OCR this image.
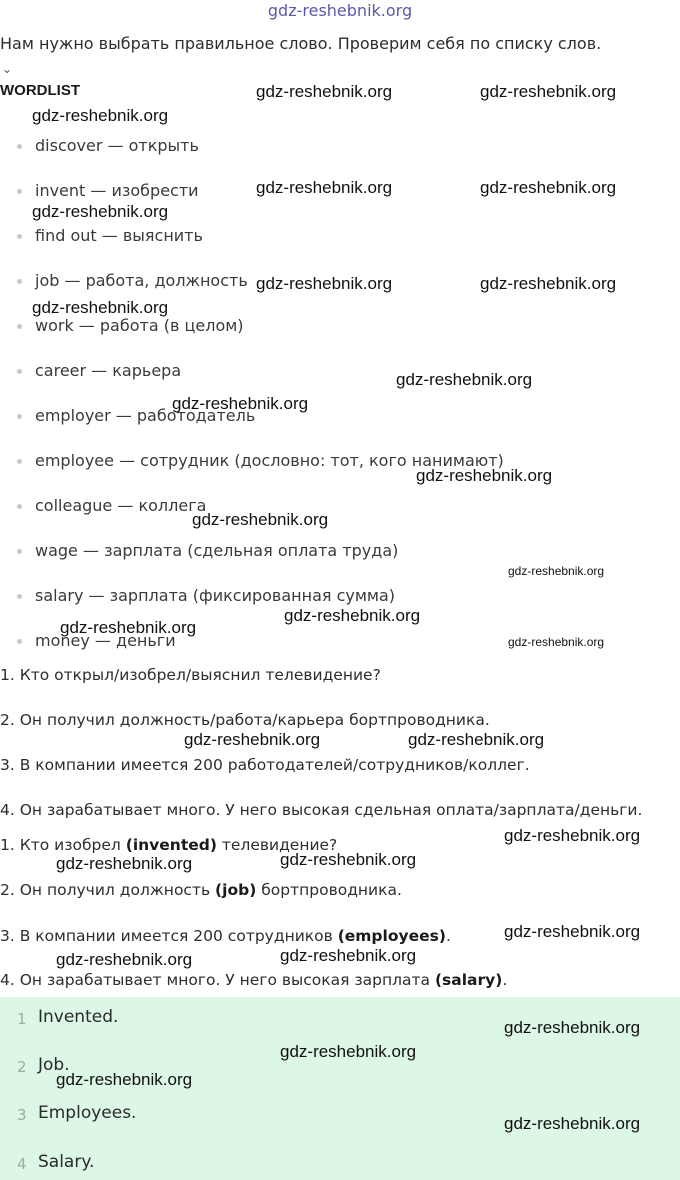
gdz-reshebnik.org
Нам нужно выбрать правильное слово. Проверим себя по списку слов.
⌄
WORDLIST
discover — открыть
invent — изобрести
find out — выяснить
job — работа, должность
work — работа (в целом)
career — карьера
employer — работодатель
employee — сотрудник (дословно: тот, кого нанимают)
colleague — коллега
wage — зарплата (сдельная оплата труда)
salary — зарплата (фиксированная сумма)
money — деньги
1. Кто открыл/изобрел/выяснил телевидение?
2. Он получил должность/работа/карьера бортпроводника.
3. В компании имеется 200 работодателей/сотрудников/коллег.
4. Он зарабатывает много. У него высокая сдельная оплата/зарплата/деньги.
1. Кто изобрел (invented) телевидение?
2. Он получил должность (job) бортпроводника.
3. В компании имеется 200 сотрудников (employees).
4. Он зарабатывает много. У него высокая зарплата (salary).
1 Invented.
2 Job.
3 Employees.
4 Salary.
gdz-reshebnik.org	gdz-reshebnik.org
gdz-reshebnik.org
gdz-reshebnik.org	gdz-reshebnik.org
gdz-reshebnik.org
gdz-reshebnik.org	gdz-reshebnik.org
gdz-reshebnik.org
gdz-reshebnik.org
gdz-reshebnik.org
gdz-reshebnik.org
gdz-reshebnik.org
gdz-reshebnik.org
gdz-reshebnik.org
gdz-reshebnik.org
gdz-reshebnik.org
gdz-reshebnik.org	gdz-reshebnik.org
gdz-reshebnik.org
gdz-reshebnik.org
gdz-reshebnik.org
gdz-reshebnik.org
gdz-reshebnik.org
gdz-reshebnik.org
gdz-reshebnik.org
gdz-reshebnik.org
gdz-reshebnik.org
gdz-reshebnik.org
